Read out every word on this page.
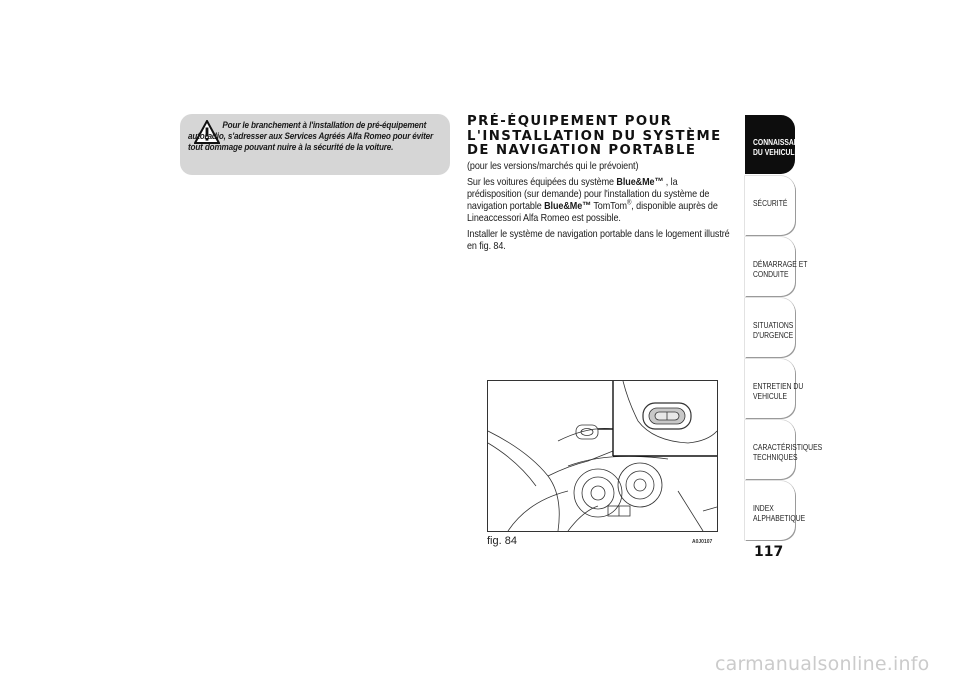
Pour le branchement à l'installation de pré-équipement autoradio, s'adresser aux Services Agréés Alfa Romeo pour éviter tout dommage pouvant nuire à la sécurité de la voiture.

PRÉ-ÉQUIPEMENT POUR
L'INSTALLATION DU SYSTÈME
DE NAVIGATION PORTABLE

(pour les versions/marchés qui le prévoient)

Sur les voitures équipées du système Blue&Me™ , la prédisposition (sur demande) pour l'installation du système de navigation portable Blue&Me™ TomTom®, disponible auprès de Lineaccessori Alfa Romeo est possible.

Installer le système de navigation portable dans le logement illustré en fig. 84.

fig. 84	A0J0107
CONNAISSANCE
DU VEHICULE
SÉCURITÉ
DÉMARRAGE ET
CONDUITE
SITUATIONS
D'URGENCE
ENTRETIEN DU
VEHICULE
CARACTÉRISTIQUES
TECHNIQUES
INDEX
ALPHABETIQUE
117
carmanualsonline.info
